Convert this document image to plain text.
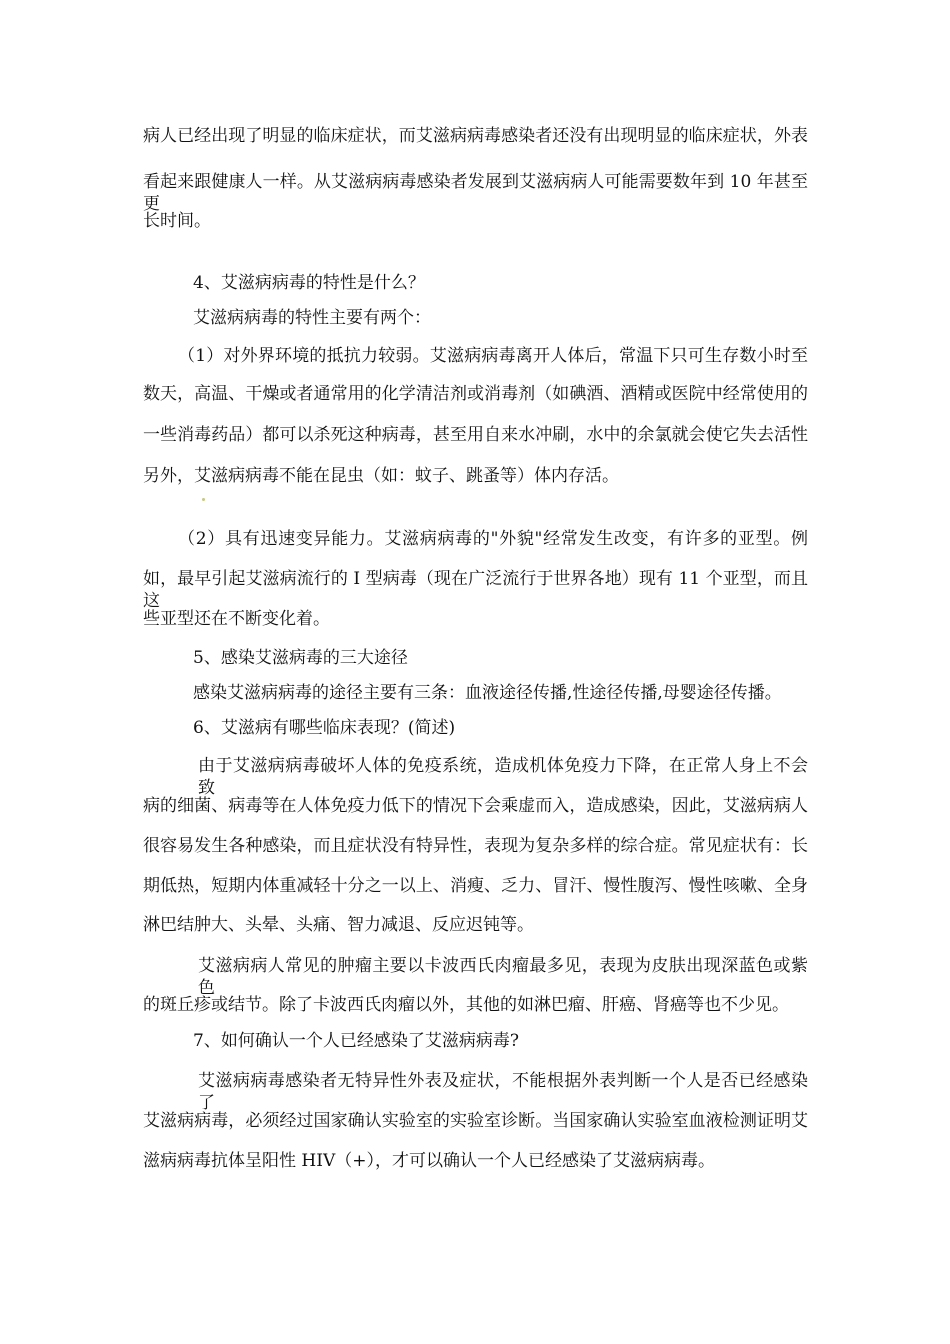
病人已经出现了明显的临床症状，而艾滋病病毒感染者还没有出现明显的临床症状，外表
看起来跟健康人一样。从艾滋病病毒感染者发展到艾滋病病人可能需要数年到 10 年甚至更
长时间。
4、艾滋病病毒的特性是什么？
艾滋病病毒的特性主要有两个：
（1）对外界环境的抵抗力较弱。艾滋病病毒离开人体后，常温下只可生存数小时至
数天，高温、干燥或者通常用的化学清洁剂或消毒剂（如碘酒、酒精或医院中经常使用的
一些消毒药品）都可以杀死这种病毒，甚至用自来水冲刷，水中的余氯就会使它失去活性
另外，艾滋病病毒不能在昆虫（如：蚊子、跳蚤等）体内存活。
（2）具有迅速变异能力。艾滋病病毒的"外貌"经常发生改变，有许多的亚型。例
如，最早引起艾滋病流行的 I 型病毒（现在广泛流行于世界各地）现有 11 个亚型，而且这
些亚型还在不断变化着。
5、感染艾滋病毒的三大途径
感染艾滋病病毒的途径主要有三条：血液途径传播,性途径传播,母婴途径传播。
6、艾滋病有哪些临床表现？(简述)
由于艾滋病病毒破坏人体的免疫系统，造成机体免疫力下降，在正常人身上不会致
病的细菌、病毒等在人体免疫力低下的情况下会乘虚而入，造成感染，因此，艾滋病病人
很容易发生各种感染，而且症状没有特异性，表现为复杂多样的综合症。常见症状有：长
期低热，短期内体重减轻十分之一以上、消瘦、乏力、冒汗、慢性腹泻、慢性咳嗽、全身
淋巴结肿大、头晕、头痛、智力减退、反应迟钝等。
艾滋病病人常见的肿瘤主要以卡波西氏肉瘤最多见，表现为皮肤出现深蓝色或紫色
的斑丘疹或结节。除了卡波西氏肉瘤以外，其他的如淋巴瘤、肝癌、肾癌等也不少见。
7、如何确认一个人已经感染了艾滋病病毒?
艾滋病病毒感染者无特异性外表及症状，不能根据外表判断一个人是否已经感染了
艾滋病病毒，必须经过国家确认实验室的实验室诊断。当国家确认实验室血液检测证明艾
滋病病毒抗体呈阳性 HIV（+），才可以确认一个人已经感染了艾滋病病毒。
